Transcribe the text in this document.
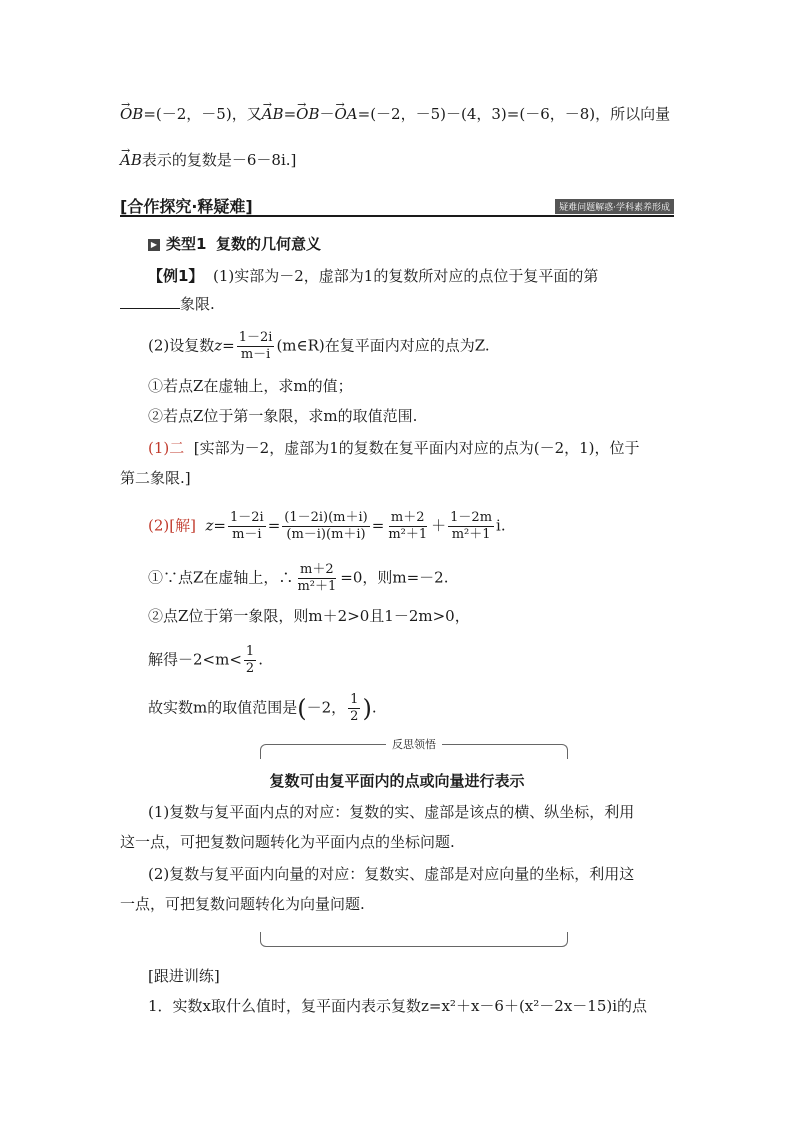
→ OB=(－2，－5)，又→ AB=→ OB－→ OA=(－2，－5)－(4，3)=(－6，－8)，所以向量
→ AB表示的复数是－6－8i.]
[合作探究·释疑难]	疑难问题解惑·学科素养形成
▶ 类型1 复数的几何意义
【例1】 (1)实部为－2，虚部为1的复数所对应的点位于复平面的第
象限.
(2)设复数$z= \frac{1-2i}{m-i}$ (m∈R)在复平面内对应的点为Z.
①若点Z在虚轴上，求m的值；
②若点Z位于第一象限，求m的取值范围.
(1)二 [实部为－2，虚部为1的复数在复平面内对应的点为(－2，1)，位于
第二象限.]
(2)[解] $z= \frac{1-2i}{m-i} = \frac{(1-2i)(m+i)}{(m-i)(m+i)} = \frac{m+2}{\text{m²＋1}} + \frac{1-2m}{\text{m²＋1}} i$.
①∵点Z在虚轴上，∴ $\frac{m+2}{\text{m²＋1}} =0$，则m=－2.
②点Z位于第一象限，则m＋2>0且1－2m>0，
解得$-2<m< \frac{1}{2}$ .
故实数m的取值范围是(－2， $\frac{1}{2}$ ).
反思领悟
复数可由复平面内的点或向量进行表示
(1)复数与复平面内点的对应：复数的实、虚部是该点的横、纵坐标，利用
这一点，可把复数问题转化为平面内点的坐标问题.
(2)复数与复平面内向量的对应：复数实、虚部是对应向量的坐标，利用这
一点，可把复数问题转化为向量问题.
[跟进训练]
1．实数x取什么值时，复平面内表示复数z=x²＋x－6＋(x²－2x－15)i的点
